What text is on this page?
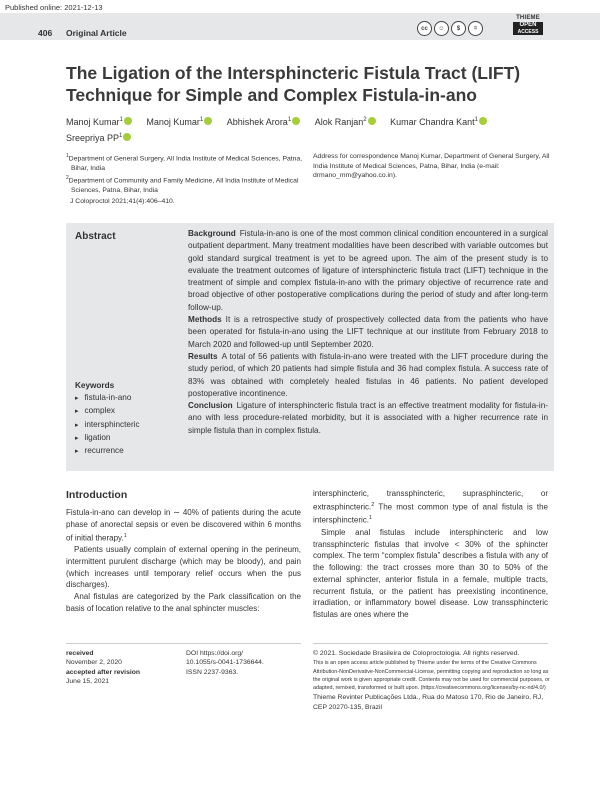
Published online: 2021-12-13
406 Original Article	cc	☺	$	=
THIEME
OPEN
ACCESS
The Ligation of the Intersphincteric Fistula Tract (LIFT) Technique for Simple and Complex Fistula-in-ano
Manoj Kumar$^1$	Manoj Kumar$^1$	Abhishek Arora$^1$	Alok Ranjan$^2$	Kumar Chandra Kant$^1$ Sreepriya $PP^1$
$^1$Department of General Surgery, All India Institute of Medical Sciences, Patna, Bihar, India
$^2$Department of Community and Family Medicine, All India Institute of Medical Sciences, Patna, Bihar, India
Address for correspondence Manoj Kumar, Department of General Surgery, All India Institute of Medical Sciences, Patna, Bihar, India (e-mail: drmano_mm@yahoo.co.in).
J Coloproctol 2021;41(4):406–410.
Abstract	Background Fistula-in-ano is one of the most common clinical condition encountered in a surgical outpatient department. Many treatment modalities have been described with variable outcomes but gold standard surgical treatment is yet to be agreed upon. The aim of the present study is to evaluate the treatment outcomes of ligature of intersphincteric fistula tract (LIFT) technique in the treatment of simple and complex fistula-in-ano with the primary objective of recurrence rate and broad objective of other postoperative complications during the period of study and after long-term follow-up.

Methods It is a retrospective study of prospectively collected data from the patients who have been operated for fistula-in-ano using the LIFT technique at our institute from February 2018 to March 2020 and followed-up until September 2020.

Results A total of 56 patients with fistula-in-ano were treated with the LIFT procedure during the study period, of which 20 patients had simple fistula and 36 had complex fistula. A success rate of 83% was obtained with completely healed fistulas in 46 patients. No patient developed postoperative incontinence.

Conclusion Ligature of intersphincteric fistula tract is an effective treatment modality for fistula-in-ano with less procedure-related morbidity, but it is associated with a higher recurrence rate in simple fistula than in complex fistula.

Keywords
▸ fistula-in-ano
▸ complex
▸ intersphincteric
▸ ligation
▸ recurrence
Introduction

Fistula-in-ano can develop in ∼ 40% of patients during the acute phase of anorectal sepsis or even be discovered within 6 months of initial therapy.$^1$

Patients usually complain of external opening in the perineum, intermittent purulent discharge (which may be bloody), and pain (which increases until temporary relief occurs when the pus discharges).

Anal fistulas are categorized by the Park classification on the basis of location relative to the anal sphincter muscles:

intersphincteric, transsphincteric, suprasphincteric, or extrasphincteric.$^2$ The most common type of anal fistula is the intersphincteric.$^1$

Simple anal fistulas include intersphincteric and low transsphincteric fistulas that involve < 30% of the sphincter complex. The term “complex fistula” describes a fistula with any of the following: the tract crosses more than 30 to 50% of the external sphincter, anterior fistula in a female, multiple tracts, recurrent fistula, or the patient has preexisting incontinence, irradiation, or inflammatory bowel disease. Low transsphincteric fistulas are ones where the

received
November 2, 2020
accepted after revision
June 15, 2021
DOI https://doi.org/
10.1055/s-0041-1736644.
ISSN 2237-9363.
© 2021. Sociedade Brasileira de Coloproctologia. All rights reserved.
This is an open access article published by Thieme under the terms of the Creative Commons Attribution-NonDerivative-NonCommercial-License, permitting copying and reproduction so long as the original work is given appropriate credit. Contents may not be used for commercial purposes, or adapted, remixed, transformed or built upon. (https://creativecommons.org/licenses/by-nc-nd/4.0/)
Thieme Revinter Publicações Ltda., Rua do Matoso 170, Rio de Janeiro, RJ, CEP 20270-135, Brazil
